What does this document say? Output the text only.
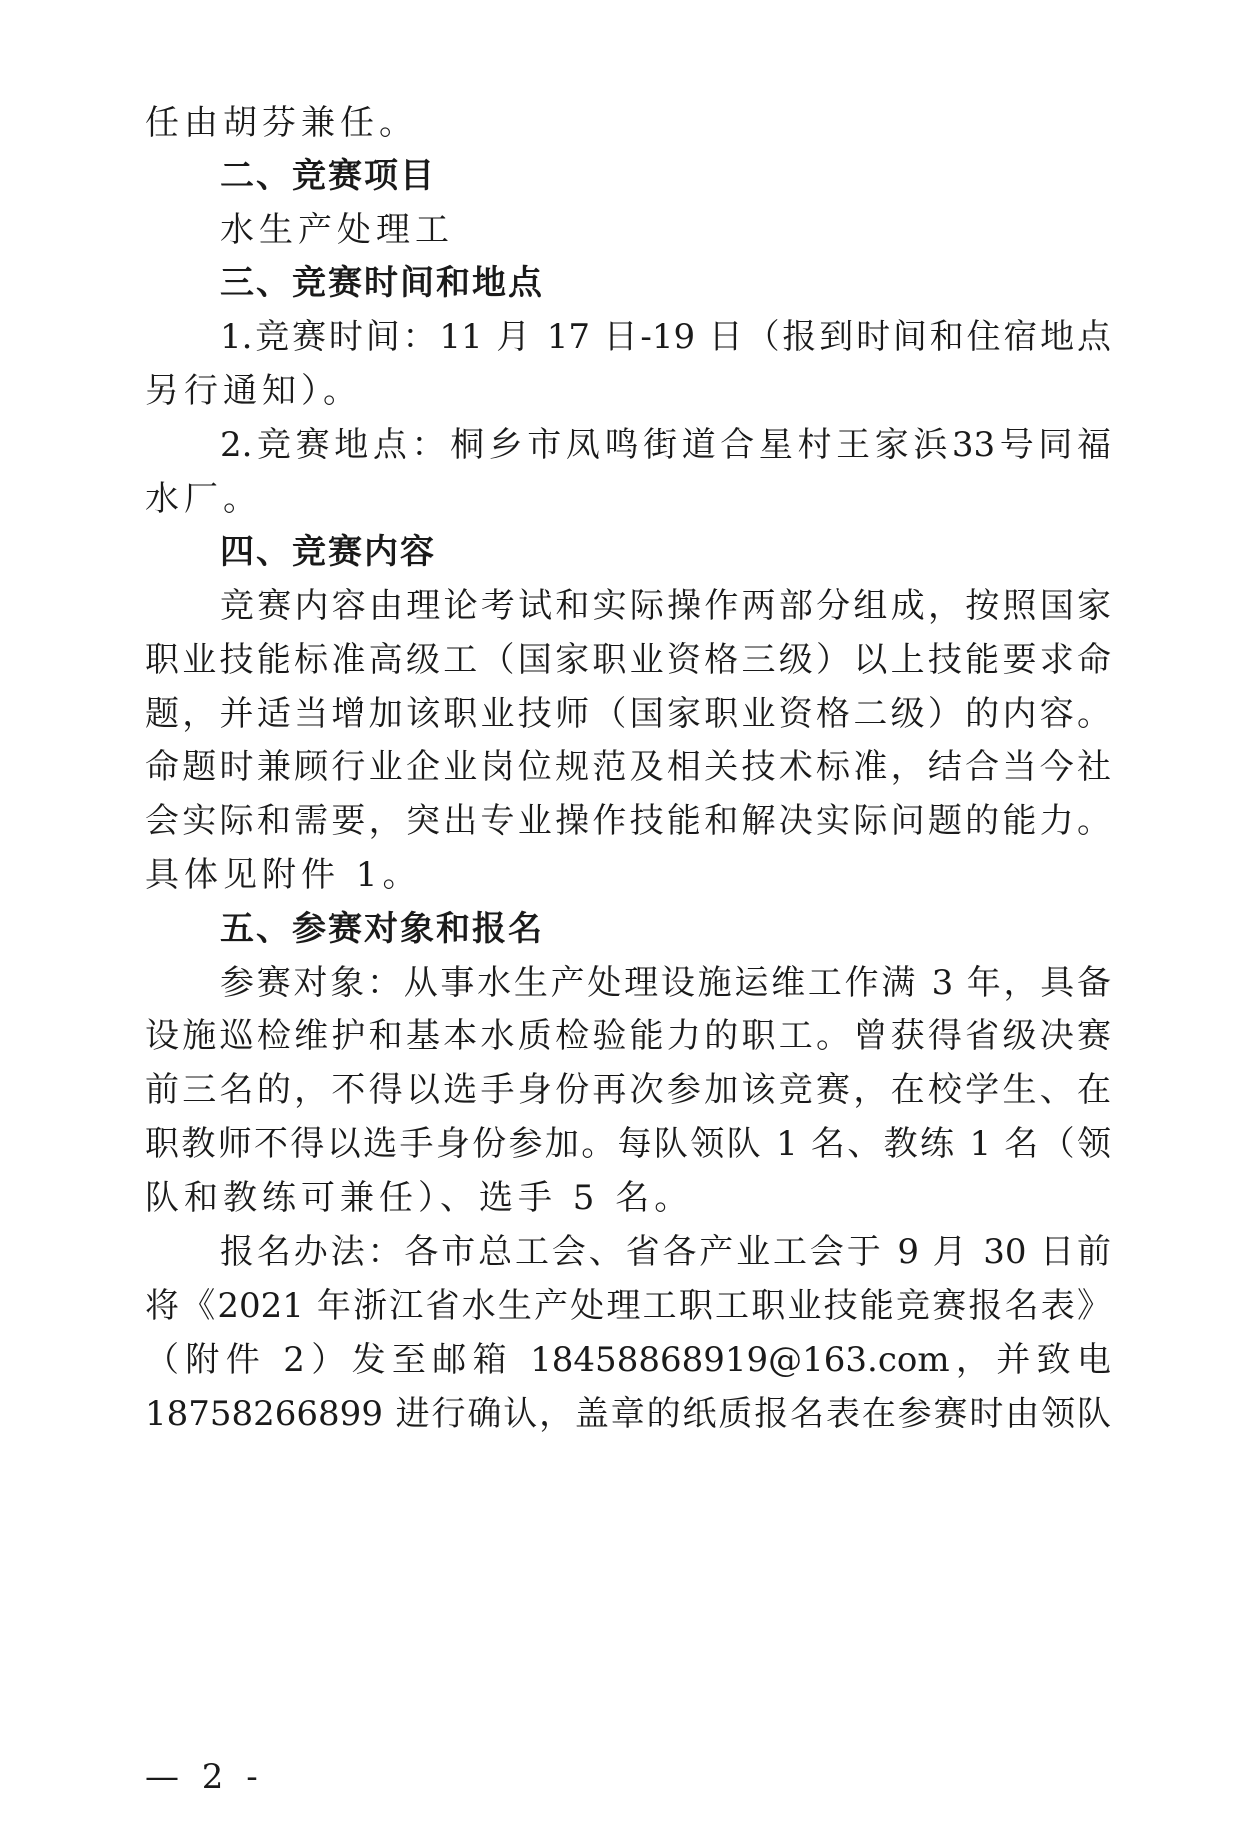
任由胡芬兼任。
二、竞赛项目
水生产处理工
三、竞赛时间和地点
1.竞赛时间：11 月 17 日-19 日（报到时间和住宿地点
另行通知）。
2.竞赛地点：桐乡市凤鸣街道合星村王家浜33号同福
水厂。
四、竞赛内容
竞赛内容由理论考试和实际操作两部分组成，按照国家
职业技能标准高级工（国家职业资格三级）以上技能要求命
题，并适当增加该职业技师（国家职业资格二级）的内容。
命题时兼顾行业企业岗位规范及相关技术标准，结合当今社
会实际和需要，突出专业操作技能和解决实际问题的能力。
具体见附件 1。
五、参赛对象和报名
参赛对象：从事水生产处理设施运维工作满 3 年，具备
设施巡检维护和基本水质检验能力的职工。曾获得省级决赛
前三名的，不得以选手身份再次参加该竞赛，在校学生、在
职教师不得以选手身份参加。每队领队 1 名、教练 1 名（领
队和教练可兼任）、选手 5 名。
报名办法：各市总工会、省各产业工会于 9 月 30 日前
将《2021 年浙江省水生产处理工职工职业技能竞赛报名表》
（附件 2）发至邮箱 18458868919@163.com，并致电
18758266899 进行确认，盖章的纸质报名表在参赛时由领队
— 2 -
